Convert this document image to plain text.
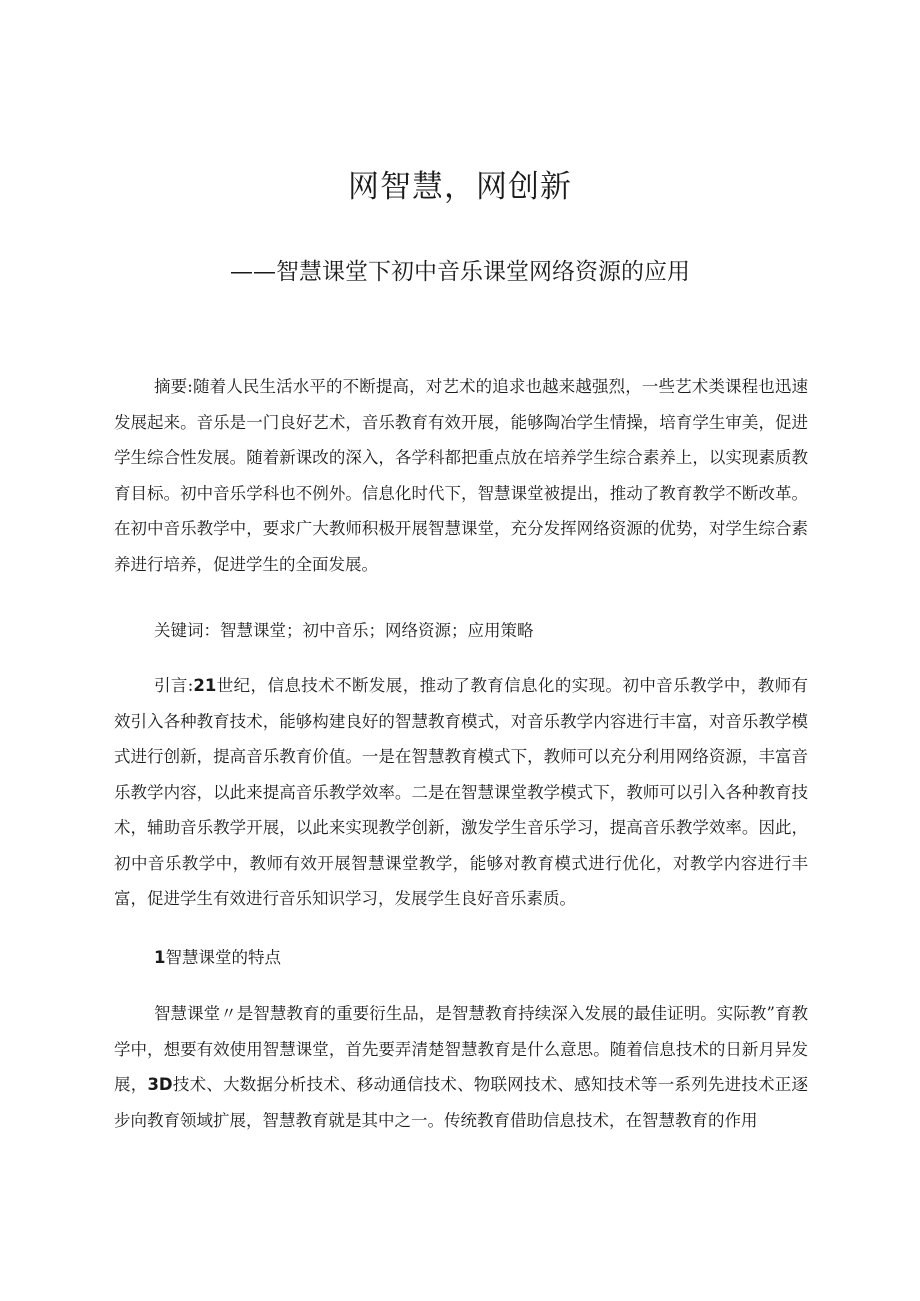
网智慧，网创新
——智慧课堂下初中音乐课堂网络资源的应用

摘要:随着人民生活水平的不断提高，对艺术的追求也越来越强烈，一些艺术类课程也迅速发展起来。音乐是一门良好艺术，音乐教育有效开展，能够陶冶学生情操，培育学生审美，促进学生综合性发展。随着新课改的深入，各学科都把重点放在培养学生综合素养上，以实现素质教育目标。初中音乐学科也不例外。信息化时代下，智慧课堂被提出，推动了教育教学不断改革。在初中音乐教学中，要求广大教师积极开展智慧课堂，充分发挥网络资源的优势，对学生综合素养进行培养，促进学生的全面发展。

关键词：智慧课堂；初中音乐；网络资源；应用策略

引言:21世纪，信息技术不断发展，推动了教育信息化的实现。初中音乐教学中，教师有效引入各种教育技术，能够构建良好的智慧教育模式，对音乐教学内容进行丰富，对音乐教学模式进行创新，提高音乐教育价值。一是在智慧教育模式下，教师可以充分利用网络资源，丰富音乐教学内容，以此来提高音乐教学效率。二是在智慧课堂教学模式下，教师可以引入各种教育技术，辅助音乐教学开展，以此来实现教学创新，激发学生音乐学习，提高音乐教学效率。因此，初中音乐教学中，教师有效开展智慧课堂教学，能够对教育模式进行优化，对教学内容进行丰富，促进学生有效进行音乐知识学习，发展学生良好音乐素质。

1智慧课堂的特点

智慧课堂〃是智慧教育的重要衍生品，是智慧教育持续深入发展的最佳证明。实际教”育教学中，想要有效使用智慧课堂，首先要弄清楚智慧教育是什么意思。随着信息技术的日新月异发展，3D技术、大数据分析技术、移动通信技术、物联网技术、感知技术等一系列先进技术正逐步向教育领域扩展，智慧教育就是其中之一。传统教育借助信息技术，在智慧教育的作用
